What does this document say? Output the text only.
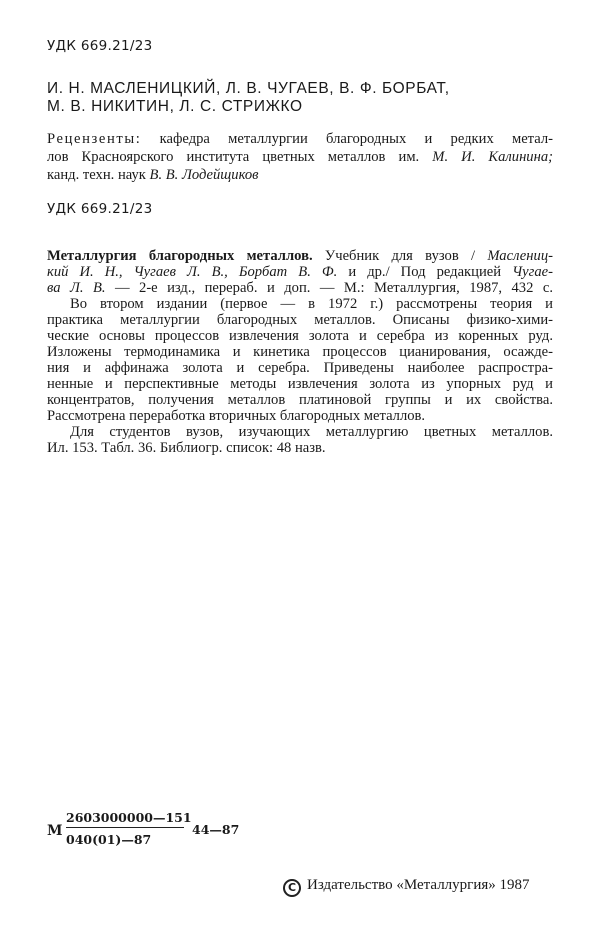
УДК 669.21/23
И. Н. МАСЛЕНИЦКИЙ, Л. В. ЧУГАЕВ, В. Ф. БОРБАТ,
М. В. НИКИТИН, Л. С. СТРИЖКО
Рецензенты: кафедра металлургии благородных и редких метал-
лов Красноярского института цветных металлов им. М. И. Калинина;
канд. техн. наук В. В. Лодейщиков
УДК 669.21/23
Металлургия благородных металлов. Учебник для вузов / Маслениц-
кий И. Н., Чугаев Л. В., Борбат В. Ф. и др./ Под редакцией Чугае-
ва Л. В. — 2-е изд., перераб. и доп. — М.: Металлургия, 1987, 432 с.
Во втором издании (первое — в 1972 г.) рассмотрены теория и
практика металлургии благородных металлов. Описаны физико-хими-
ческие основы процессов извлечения золота и серебра из коренных руд.
Изложены термодинамика и кинетика процессов цианирования, осажде-
ния и аффинажа золота и серебра. Приведены наиболее распростра-
ненные и перспективные методы извлечения золота из упорных руд и
концентратов, получения металлов платиновой группы и их свойства.
Рассмотрена переработка вторичных благородных металлов.
Для студентов вузов, изучающих металлургию цветных металлов.
Ил. 153. Табл. 36. Библиогр. список: 48 назв.
М
2603000000—151
040(01)—87
44—87
C Издательство «Металлургия» 1987
